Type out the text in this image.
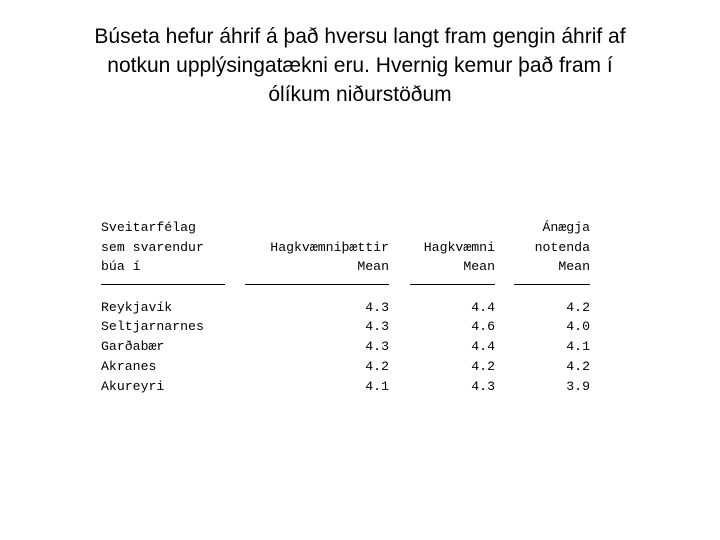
Búseta hefur áhrif á það hversu langt fram gengin áhrif af
notkun upplýsingatækni eru. Hvernig kemur það fram í
ólíkum niðurstöðum
Sveitarfélag
sem svarendur
búa í
Reykjavík
Seltjarnarnes
Garðabær
Akranes
Akureyri
Hagkvæmniþættir
Mean
4.3
4.3
4.3
4.2
4.1
Hagkvæmni
Mean
4.4
4.6
4.4
4.2
4.3
Ánægja
notenda
Mean
4.2
4.0
4.1
4.2
3.9
